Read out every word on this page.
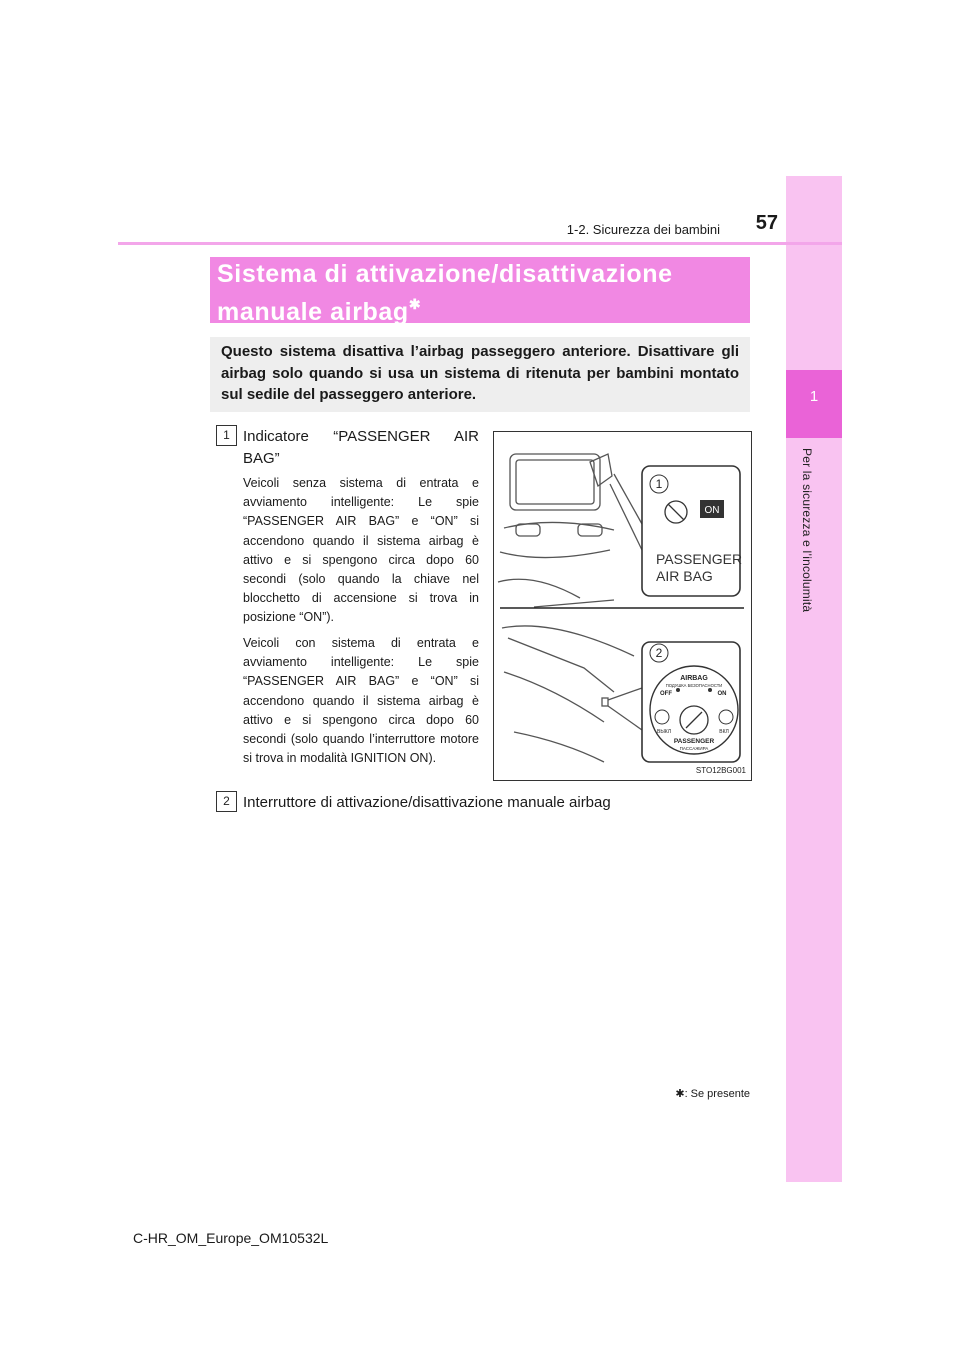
1
Per la sicurezza e l’incolumità
57
1-2. Sicurezza dei bambini
Sistema di attivazione/disattivazione
manuale airbag✱
Questo sistema disattiva l’airbag passeggero anteriore. Disattivare gli airbag solo quando si usa un sistema di ritenuta per bambini montato sul sedile del passeggero anteriore.
1 Indicatore “PASSENGER AIR BAG”
Veicoli senza sistema di entrata e avviamento intelligente: Le spie “PASSENGER AIR BAG” e “ON” si accendono quando il sistema airbag è attivo e si spengono circa dopo 60 secondi (solo quando la chiave nel blocchetto di accensione si trova in posizione “ON”).
Veicoli con sistema di entrata e avviamento intelligente: Le spie “PASSENGER AIR BAG” e “ON” si accendono quando il sistema airbag è attivo e si spengono circa dopo 60 secondi (solo quando l’interruttore motore si trova in modalità IGNITION ON).
2 Interruttore di attivazione/disattivazione manuale airbag
1
ON
PASSENGER
AIR BAG
2
AIRBAG
ПОДУШКА БЕЗОПАСНОСТИ
OFF	ON
ВЫКЛ	ВКЛ
PASSENGER
ПАССАЖИРА
STO12BG001
✱: Se presente
C-HR_OM_Europe_OM10532L
